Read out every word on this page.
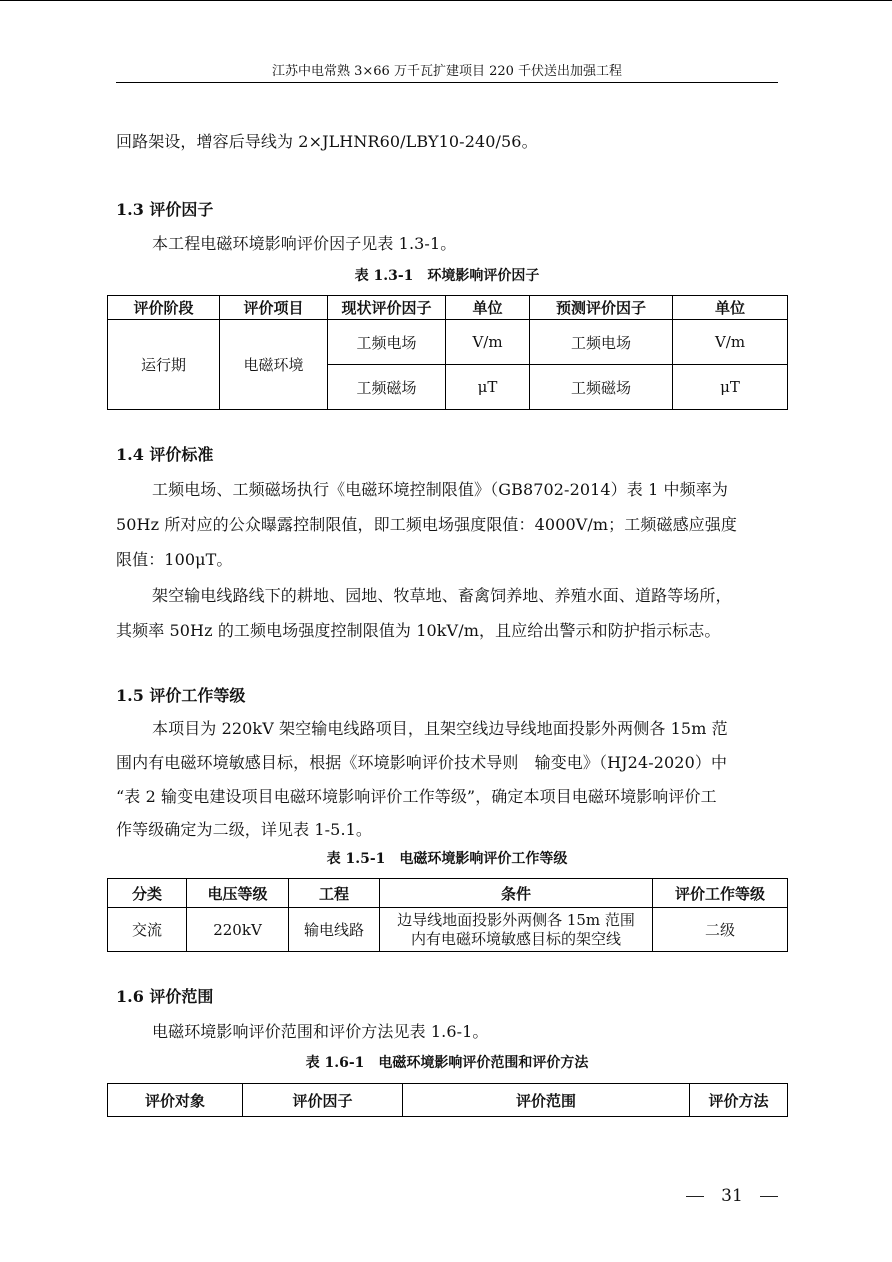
江苏中电常熟 3×66 万千瓦扩建项目 220 千伏送出加强工程
回路架设，增容后导线为 2×JLHNR60/LBY10-240/56。
1.3 评价因子
本工程电磁环境影响评价因子见表 1.3-1。
表 1.3-1　环境影响评价因子
评价阶段	评价项目	现状评价因子	单位	预测评价因子	单位
运行期	电磁环境	工频电场	V/m	工频电场	V/m
		工频磁场	μT	工频磁场	μT
1.4 评价标准
工频电场、工频磁场执行《电磁环境控制限值》（GB8702-2014）表 1 中频率为
50Hz 所对应的公众曝露控制限值，即工频电场强度限值：4000V/m；工频磁感应强度
限值：100μT。
架空输电线路线下的耕地、园地、牧草地、畜禽饲养地、养殖水面、道路等场所，
其频率 50Hz 的工频电场强度控制限值为 10kV/m，且应给出警示和防护指示标志。
1.5 评价工作等级
本项目为 220kV 架空输电线路项目，且架空线边导线地面投影外两侧各 15m 范
围内有电磁环境敏感目标，根据《环境影响评价技术导则　输变电》（HJ24-2020）中
“表 2 输变电建设项目电磁环境影响评价工作等级”，确定本项目电磁环境影响评价工
作等级确定为二级，详见表 1-5.1。
表 1.5-1　电磁环境影响评价工作等级
分类	电压等级	工程	条件	评价工作等级
交流	220kV	输电线路	边导线地面投影外两侧各 15m 范围
内有电磁环境敏感目标的架空线	二级
1.6 评价范围
电磁环境影响评价范围和评价方法见表 1.6-1。
表 1.6-1　电磁环境影响评价范围和评价方法
评价对象	评价因子	评价范围	评价方法
31
